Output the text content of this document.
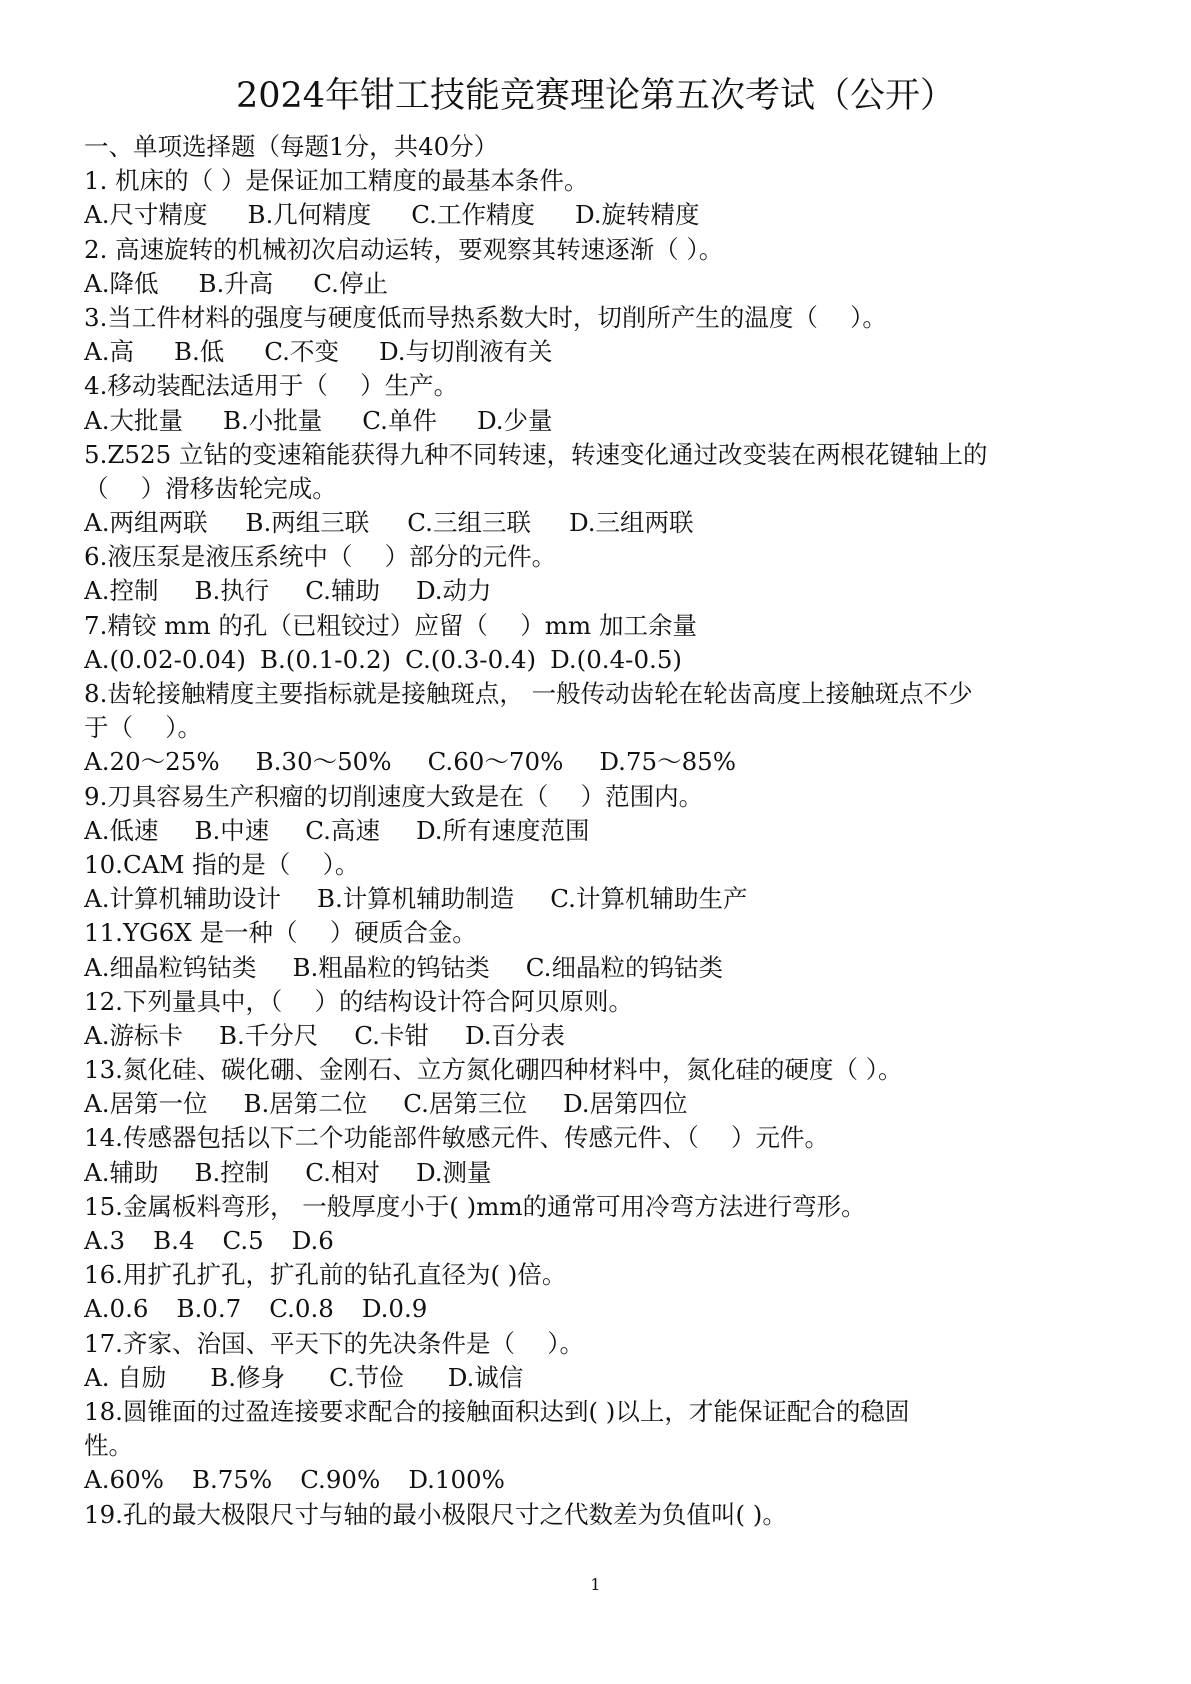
2024年钳工技能竞赛理论第五次考试（公开）
一、单项选择题（每题1分，共40分）
1. 机床的（ ）是保证加工精度的最基本条件。
A.尺寸精度 B.几何精度 C.工作精度 D.旋转精度
2. 高速旋转的机械初次启动运转，要观察其转速逐渐（ ）。
A.降低 B.升高 C.停止
3.当工件材料的强度与硬度低而导热系数大时，切削所产生的温度（　 ）。
A.高 B.低 C.不变 D.与切削液有关
4.移动装配法适用于（　 ）生产。
A.大批量 B.小批量 C.单件 D.少量
5.Z525 立钻的变速箱能获得九种不同转速，转速变化通过改变装在两根花键轴上的
（　 ）滑移齿轮完成。
A.两组两联 B.两组三联 C.三组三联 D.三组两联
6.液压泵是液压系统中（　 ）部分的元件。
A.控制 B.执行 C.辅助 D.动力
7.精铰 mm 的孔（已粗铰过）应留（　 ）mm 加工余量
A.(0.02-0.04) B.(0.1-0.2) C.(0.3-0.4) D.(0.4-0.5)
8.齿轮接触精度主要指标就是接触斑点， 一般传动齿轮在轮齿高度上接触斑点不少
于（　 ）。
A.20～25% B.30～50% C.60～70% D.75～85%
9.刀具容易生产积瘤的切削速度大致是在（　 ）范围内。
A.低速 B.中速 C.高速 D.所有速度范围
10.CAM 指的是（　 ）。
A.计算机辅助设计 B.计算机辅助制造 C.计算机辅助生产
11.YG6X 是一种（　 ）硬质合金。
A.细晶粒钨钴类 B.粗晶粒的钨钴类 C.细晶粒的钨钴类
12.下列量具中，（　 ）的结构设计符合阿贝原则。
A.游标卡 B.千分尺 C.卡钳 D.百分表
13.氮化硅、碳化硼、金刚石、立方氮化硼四种材料中，氮化硅的硬度（ ）。
A.居第一位 B.居第二位 C.居第三位 D.居第四位
14.传感器包括以下二个功能部件敏感元件、传感元件、（　 ）元件。
A.辅助 B.控制 C.相对 D.测量
15.金属板料弯形， 一般厚度小于( )mm的通常可用冷弯方法进行弯形。
A.3 B.4 C.5 D.6
16.用扩孔扩孔，扩孔前的钻孔直径为( )倍。
A.0.6 B.0.7 C.0.8 D.0.9
17.齐家、治国、平天下的先决条件是（　 ）。
A. 自励 B.修身 C.节俭 D.诚信
18.圆锥面的过盈连接要求配合的接触面积达到( )以上，才能保证配合的稳固
性。
A.60% B.75% C.90% D.100%
19.孔的最大极限尺寸与轴的最小极限尺寸之代数差为负值叫( )。
1
